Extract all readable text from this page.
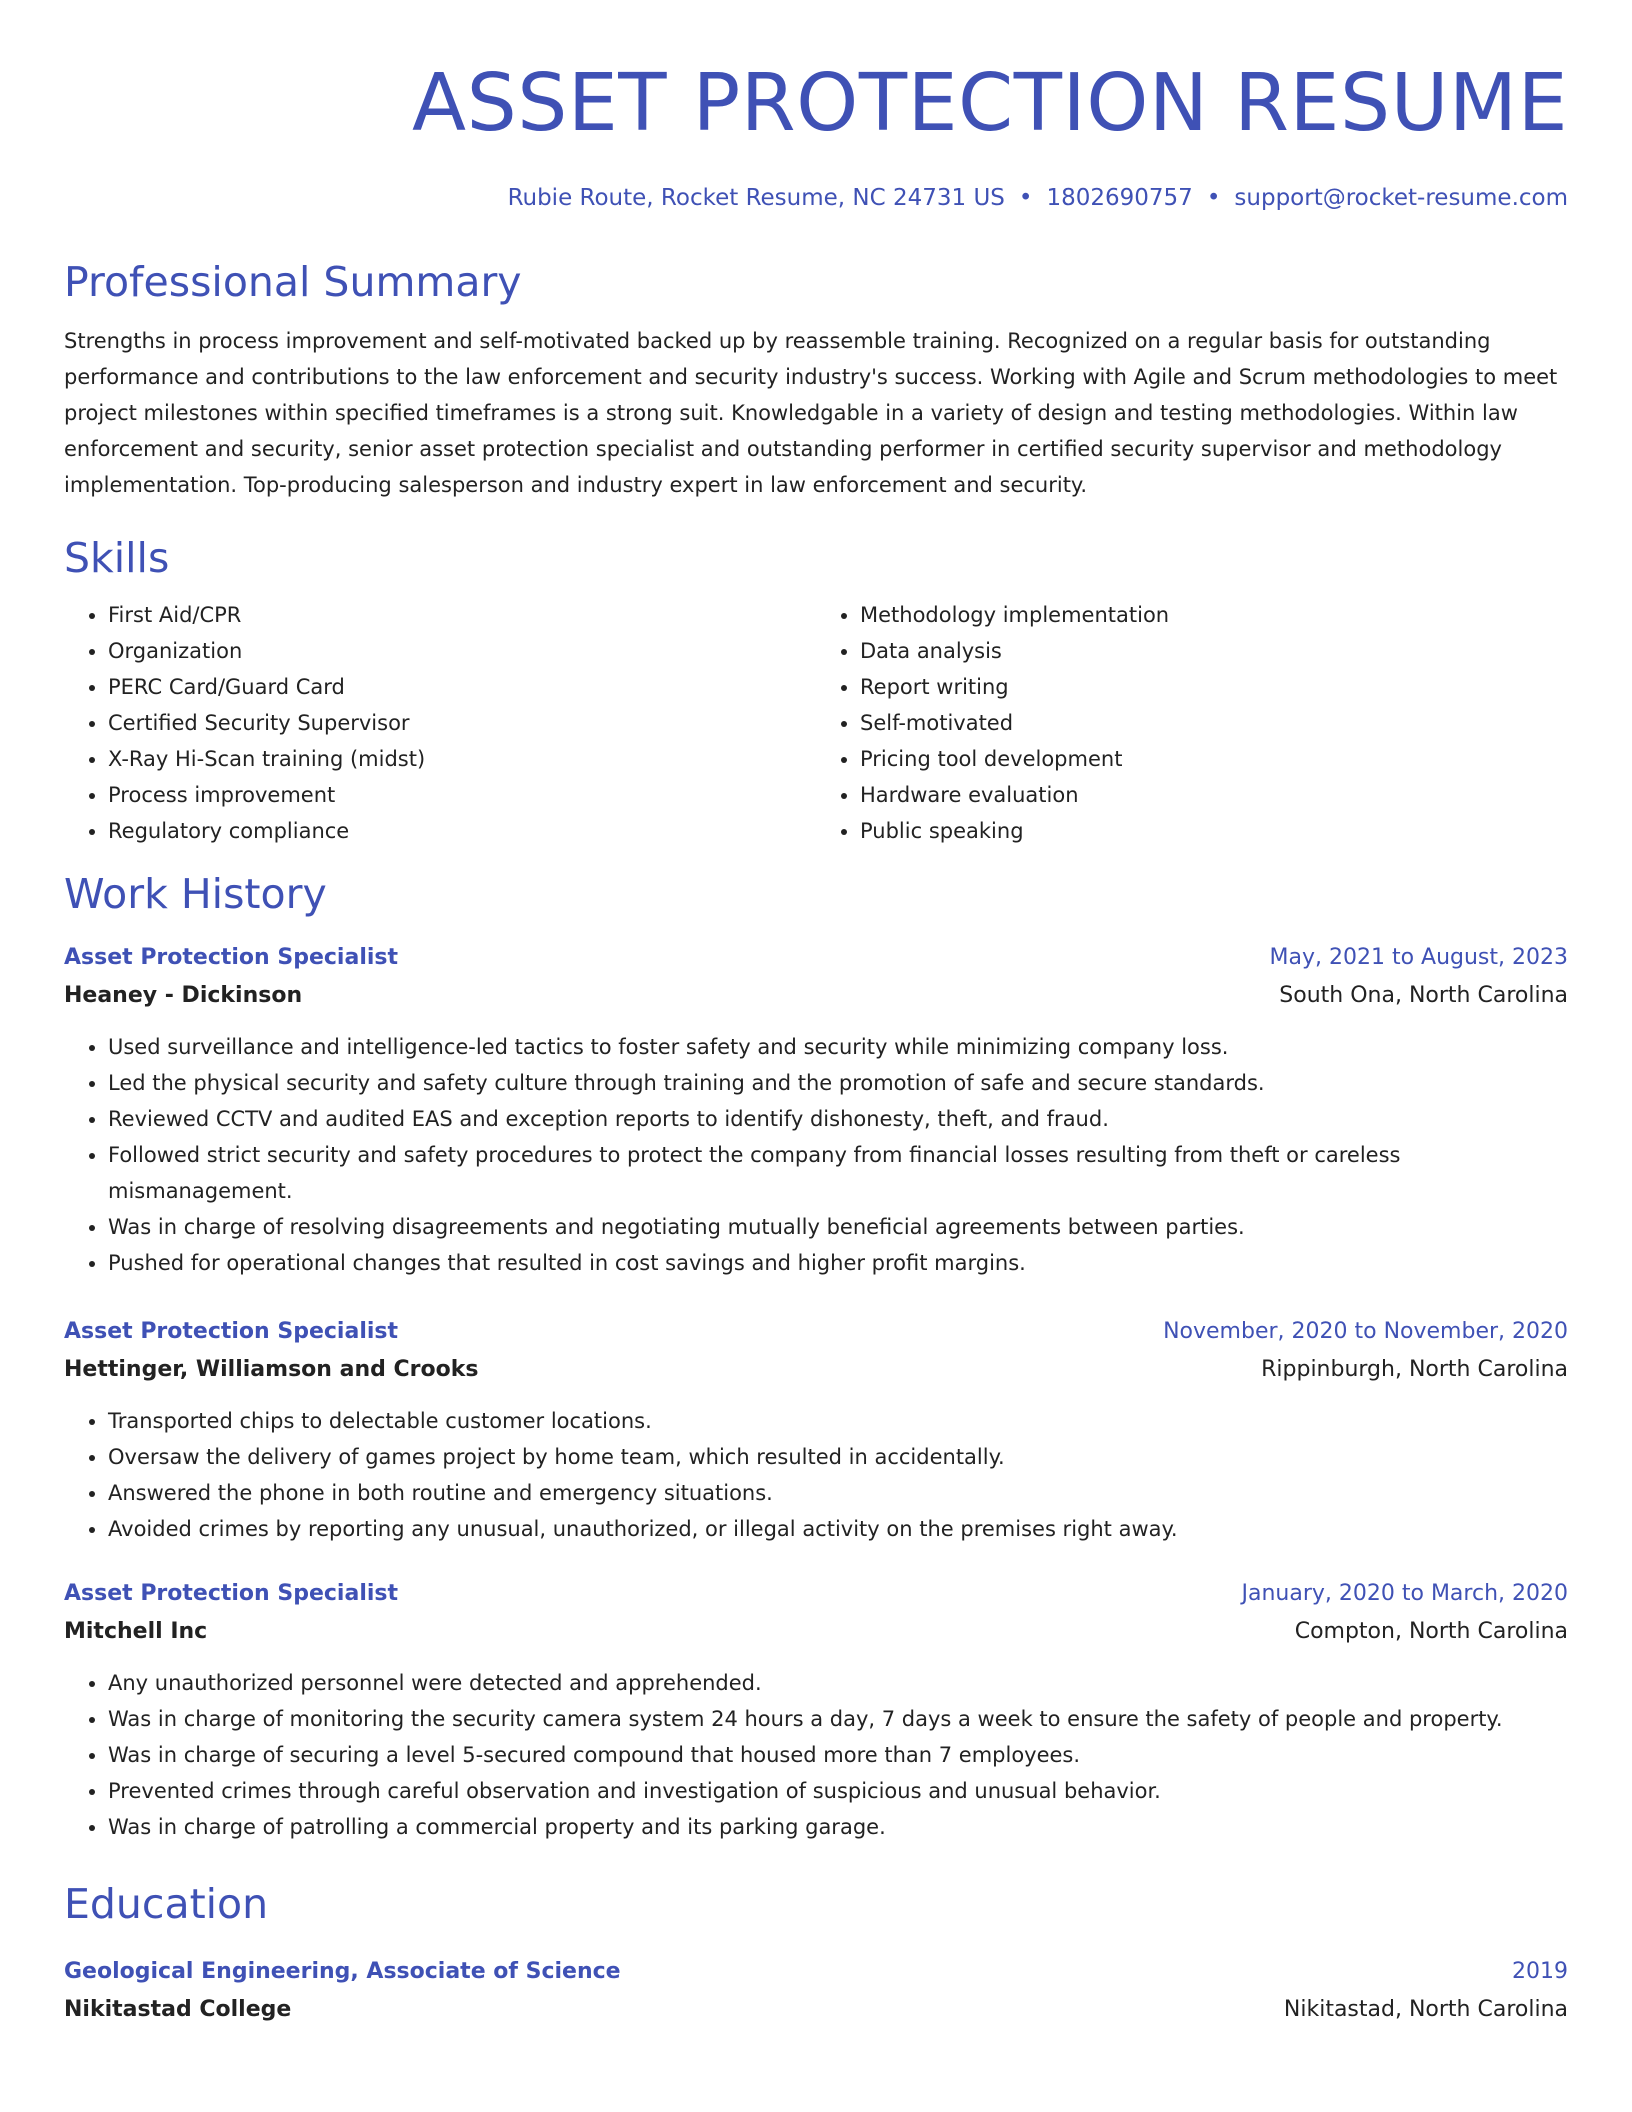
ASSET PROTECTION RESUME
Rubie Route, Rocket Resume, NC 24731 US • 1802690757 • support@rocket-resume.com
Professional Summary
Strengths in process improvement and self-motivated backed up by reassemble training. Recognized on a regular basis for outstanding performance and contributions to the law enforcement and security industry's success. Working with Agile and Scrum methodologies to meet project milestones within specified timeframes is a strong suit. Knowledgable in a variety of design and testing methodologies. Within law enforcement and security, senior asset protection specialist and outstanding performer in certified security supervisor and methodology implementation. Top-producing salesperson and industry expert in law enforcement and security.
Skills
• First Aid/CPR
• Organization
• PERC Card/Guard Card
• Certified Security Supervisor
• X-Ray Hi-Scan training (midst)
• Process improvement
• Regulatory compliance
• Methodology implementation
• Data analysis
• Report writing
• Self-motivated
• Pricing tool development
• Hardware evaluation
• Public speaking
Work History
Asset Protection Specialist	May, 2021 to August, 2023
Heaney - Dickinson	South Ona, North Carolina
• Used surveillance and intelligence-led tactics to foster safety and security while minimizing company loss.
• Led the physical security and safety culture through training and the promotion of safe and secure standards.
• Reviewed CCTV and audited EAS and exception reports to identify dishonesty, theft, and fraud.
• Followed strict security and safety procedures to protect the company from financial losses resulting from theft or careless mismanagement.
• Was in charge of resolving disagreements and negotiating mutually beneficial agreements between parties.
• Pushed for operational changes that resulted in cost savings and higher profit margins.
Asset Protection Specialist	November, 2020 to November, 2020
Hettinger, Williamson and Crooks	Rippinburgh, North Carolina
• Transported chips to delectable customer locations.
• Oversaw the delivery of games project by home team, which resulted in accidentally.
• Answered the phone in both routine and emergency situations.
• Avoided crimes by reporting any unusual, unauthorized, or illegal activity on the premises right away.
Asset Protection Specialist	January, 2020 to March, 2020
Mitchell Inc	Compton, North Carolina
• Any unauthorized personnel were detected and apprehended.
• Was in charge of monitoring the security camera system 24 hours a day, 7 days a week to ensure the safety of people and property.
• Was in charge of securing a level 5-secured compound that housed more than 7 employees.
• Prevented crimes through careful observation and investigation of suspicious and unusual behavior.
• Was in charge of patrolling a commercial property and its parking garage.
Education
Geological Engineering, Associate of Science	2019
Nikitastad College	Nikitastad, North Carolina
